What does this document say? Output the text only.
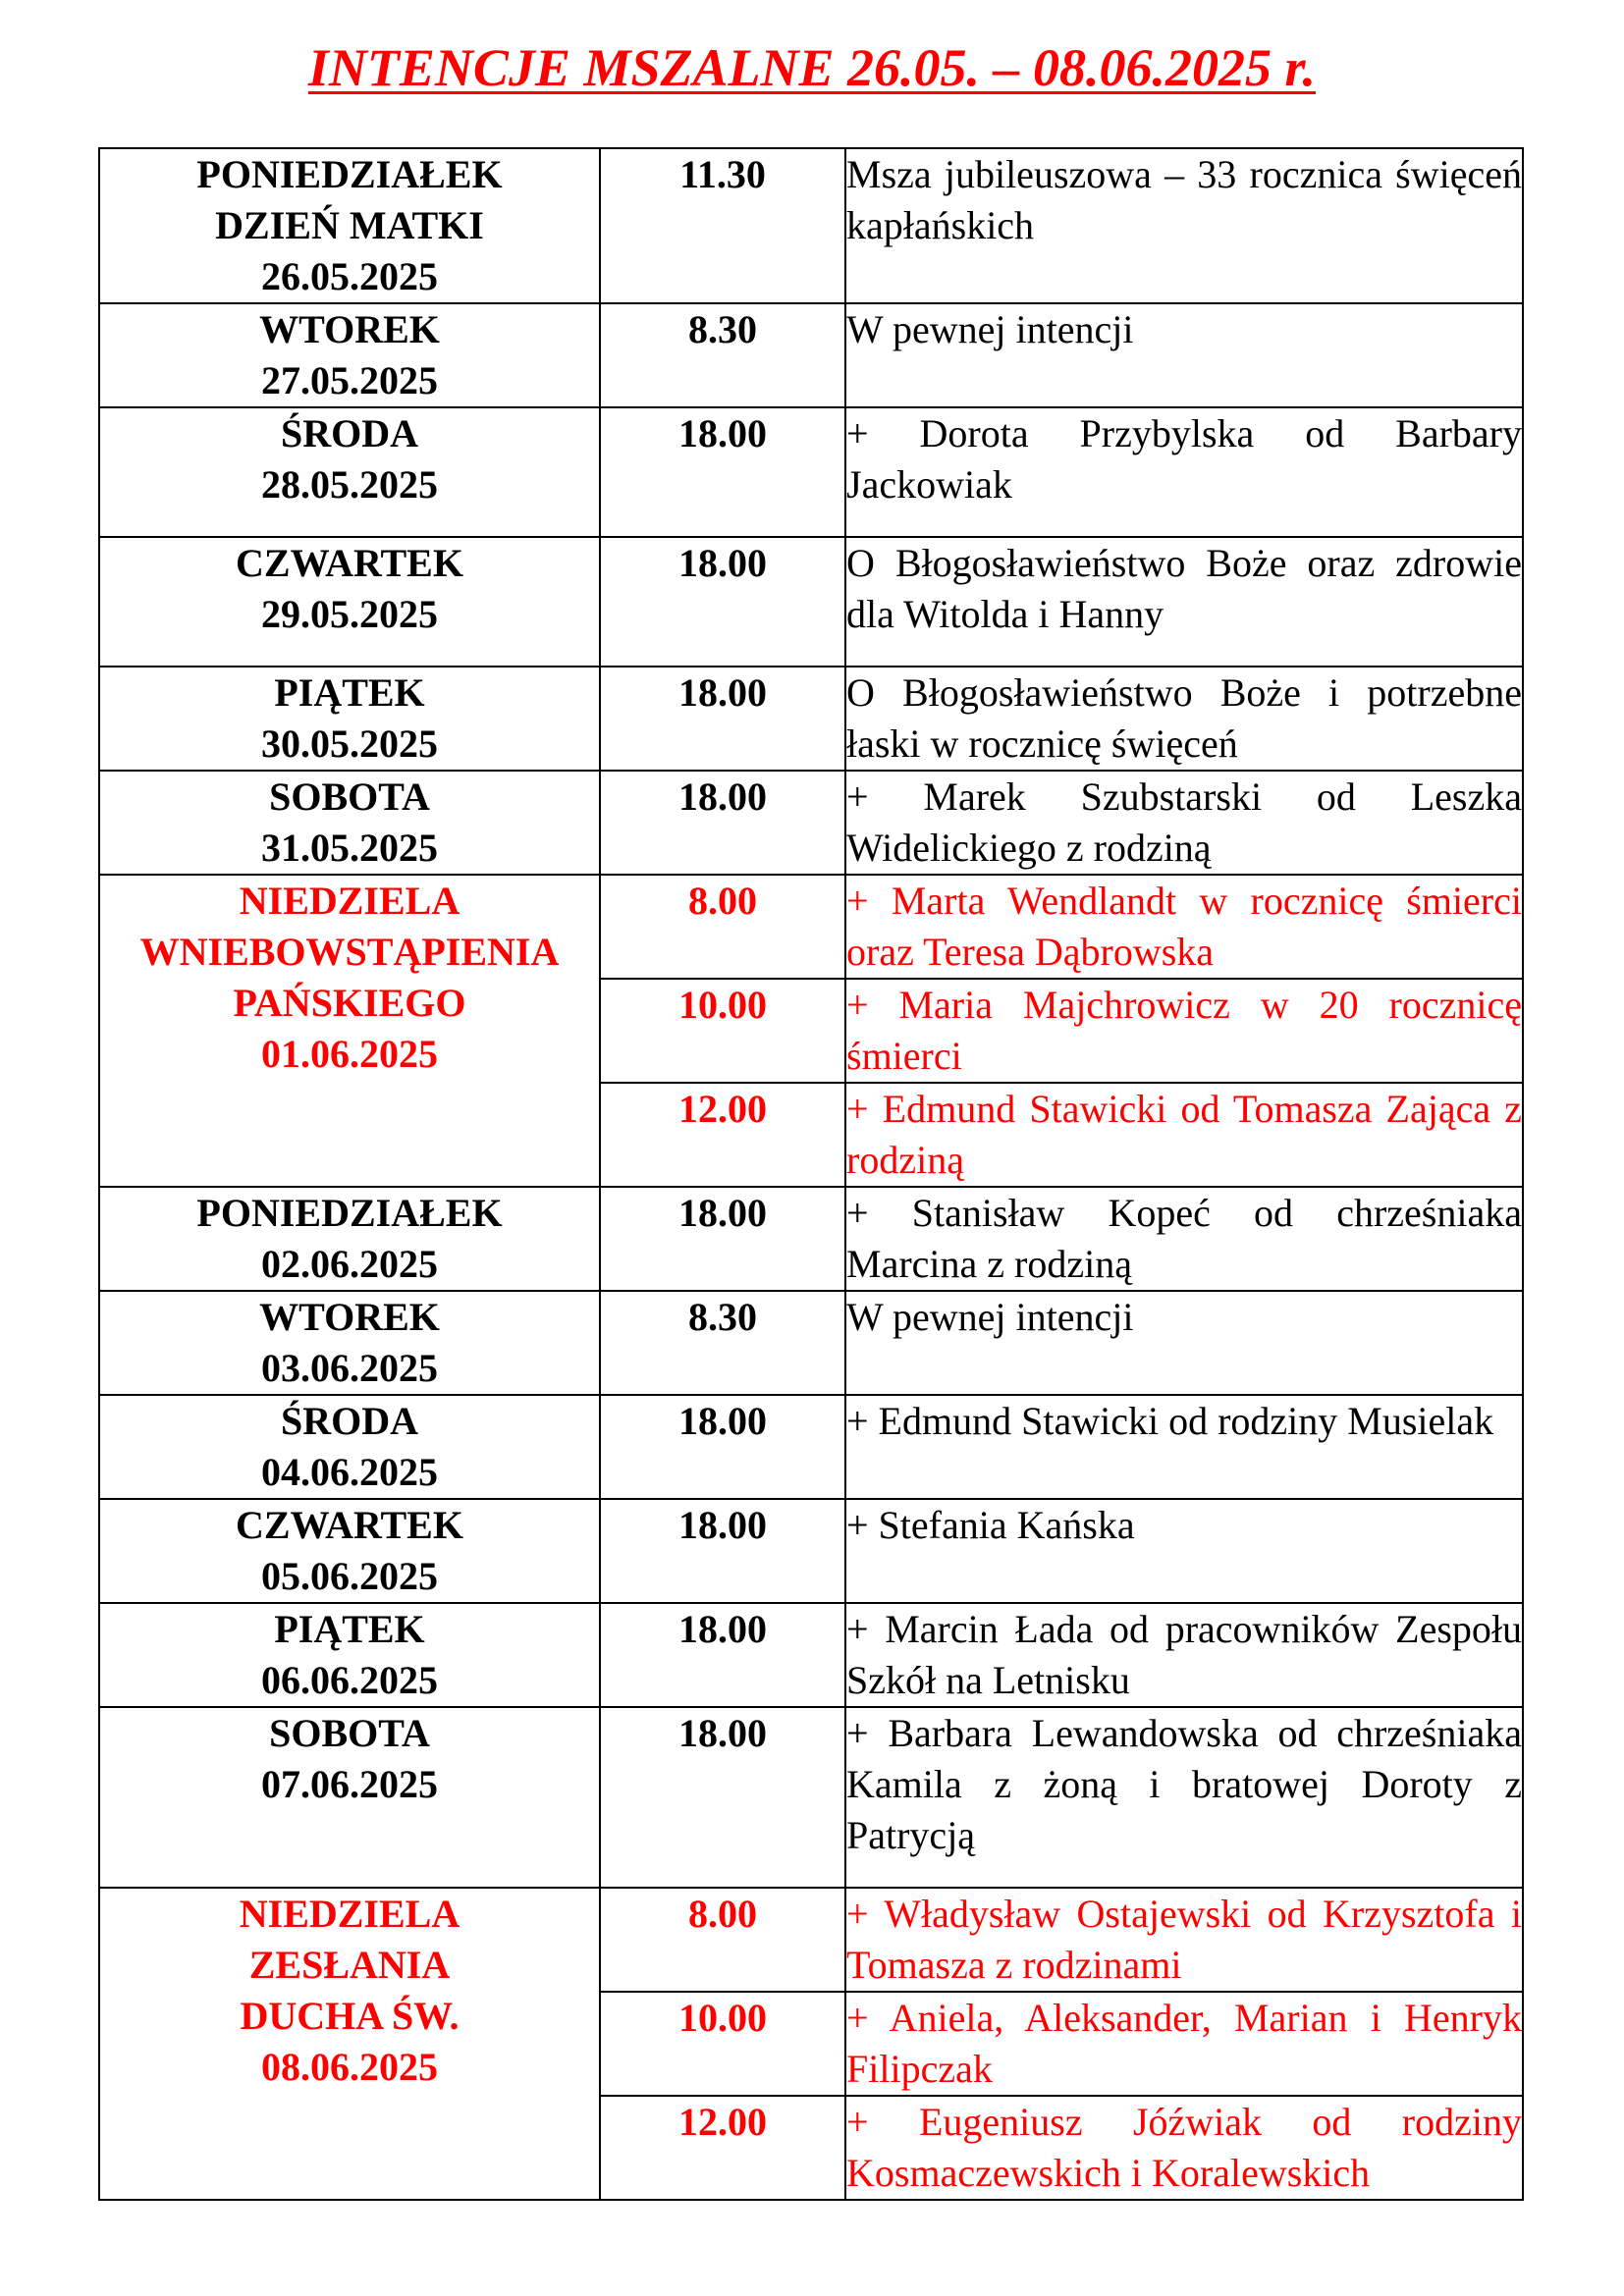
INTENCJE MSZALNE 26.05. – 08.06.2025 r.
PONIEDZIAŁEK
DZIEŃ MATKI
26.05.2025	11.30	Msza jubileuszowa – 33 rocznica święceń kapłańskich

WTOREK
27.05.2025	8.30	W pewnej intencji

ŚRODA
28.05.2025	18.00	+ Dorota Przybylska od Barbary Jackowiak

CZWARTEK
29.05.2025	18.00	O Błogosławieństwo Boże oraz zdrowie dla Witolda i Hanny

PIĄTEK
30.05.2025	18.00	O Błogosławieństwo Boże i potrzebne łaski w rocznicę święceń

SOBOTA
31.05.2025	18.00	+ Marek Szubstarski od Leszka Widelickiego z rodziną

NIEDZIELA
WNIEBOWSTĄPIENIA
PAŃSKIEGO
01.06.2025	8.00	+ Marta Wendlandt w rocznicę śmierci oraz Teresa Dąbrowska
	10.00	+ Maria Majchrowicz w 20 rocznicę śmierci
	12.00	+ Edmund Stawicki od Tomasza Zająca z rodziną

PONIEDZIAŁEK
02.06.2025	18.00	+ Stanisław Kopeć od chrześniaka Marcina z rodziną

WTOREK
03.06.2025	8.30	W pewnej intencji

ŚRODA
04.06.2025	18.00	+ Edmund Stawicki od rodziny Musielak

CZWARTEK
05.06.2025	18.00	+ Stefania Kańska

PIĄTEK
06.06.2025	18.00	+ Marcin Łada od pracowników Zespołu Szkół na Letnisku

SOBOTA
07.06.2025	18.00	+ Barbara Lewandowska od chrześniaka Kamila z żoną i bratowej Doroty z Patrycją

NIEDZIELA
ZESŁANIA
DUCHA ŚW.
08.06.2025	8.00	+ Władysław Ostajewski od Krzysztofa i Tomasza z rodzinami
	10.00	+ Aniela, Aleksander, Marian i Henryk Filipczak
	12.00	+ Eugeniusz Jóźwiak od rodziny Kosmaczewskich i Koralewskich
